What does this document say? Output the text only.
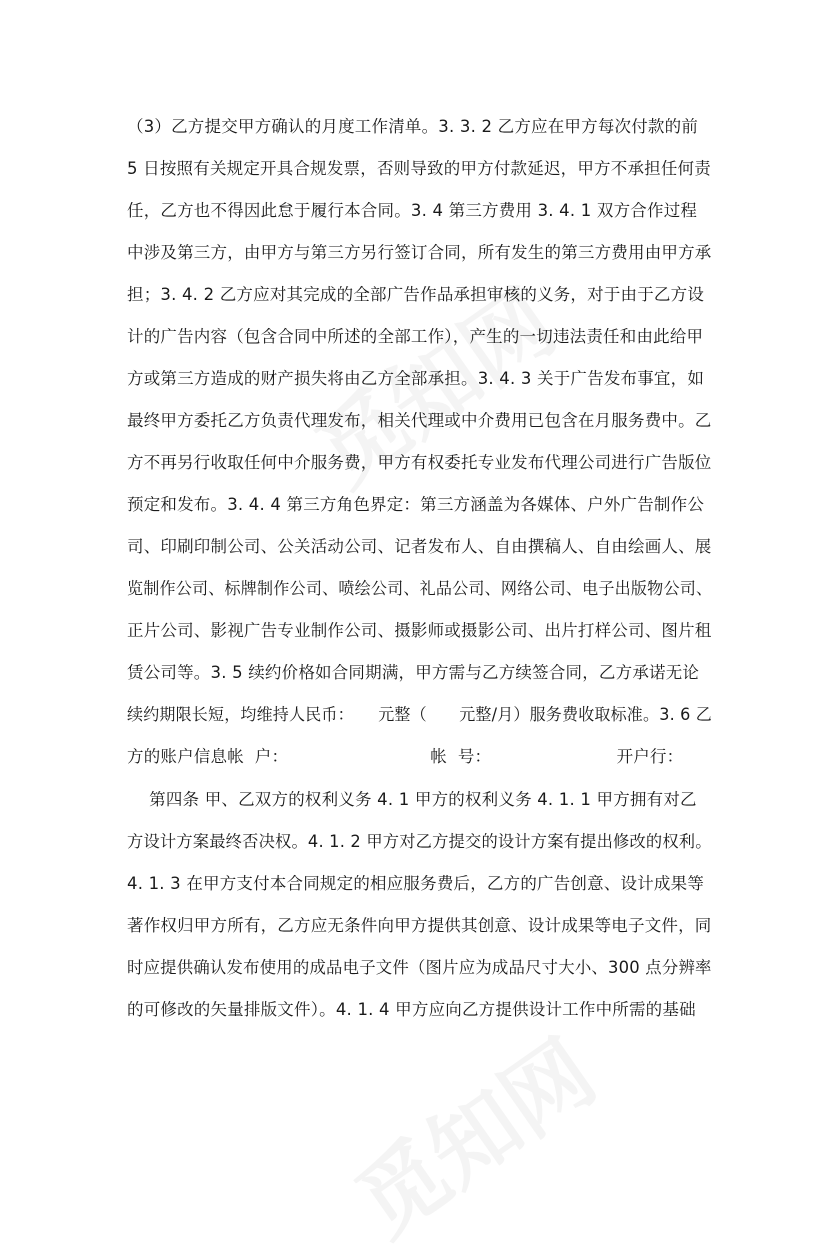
（3）乙方提交甲方确认的月度工作清单。3. 3. 2 乙方应在甲方每次付款的前
5 日按照有关规定开具合规发票，否则导致的甲方付款延迟，甲方不承担任何责
任，乙方也不得因此怠于履行本合同。3. 4 第三方费用 3. 4. 1 双方合作过程
中涉及第三方，由甲方与第三方另行签订合同，所有发生的第三方费用由甲方承
担；3. 4. 2 乙方应对其完成的全部广告作品承担审核的义务，对于由于乙方设
计的广告内容（包含合同中所述的全部工作），产生的一切违法责任和由此给甲
方或第三方造成的财产损失将由乙方全部承担。3. 4. 3 关于广告发布事宜，如
最终甲方委托乙方负责代理发布，相关代理或中介费用已包含在月服务费中。乙
方不再另行收取任何中介服务费，甲方有权委托专业发布代理公司进行广告版位
预定和发布。3. 4. 4 第三方角色界定：第三方涵盖为各媒体、户外广告制作公
司、印刷印制公司、公关活动公司、记者发布人、自由撰稿人、自由绘画人、展
览制作公司、标牌制作公司、喷绘公司、礼品公司、网络公司、电子出版物公司、
正片公司、影视广告专业制作公司、摄影师或摄影公司、出片打样公司、图片租
赁公司等。3. 5 续约价格如合同期满，甲方需与乙方续签合同，乙方承诺无论
续约期限长短，均维持人民币：　　元整（　　元整/月）服务费收取标准。3. 6 乙
方的账户信息帐  户：　　　　　　　　　帐  号：　　　　　　　　开户行：
　 第四条 甲、乙双方的权利义务 4. 1 甲方的权利义务 4. 1. 1 甲方拥有对乙
方设计方案最终否决权。4. 1. 2 甲方对乙方提交的设计方案有提出修改的权利。
4. 1. 3 在甲方支付本合同规定的相应服务费后，乙方的广告创意、设计成果等
著作权归甲方所有，乙方应无条件向甲方提供其创意、设计成果等电子文件，同
时应提供确认发布使用的成品电子文件（图片应为成品尺寸大小、300 点分辨率
的可修改的矢量排版文件）。4. 1. 4 甲方应向乙方提供设计工作中所需的基础
